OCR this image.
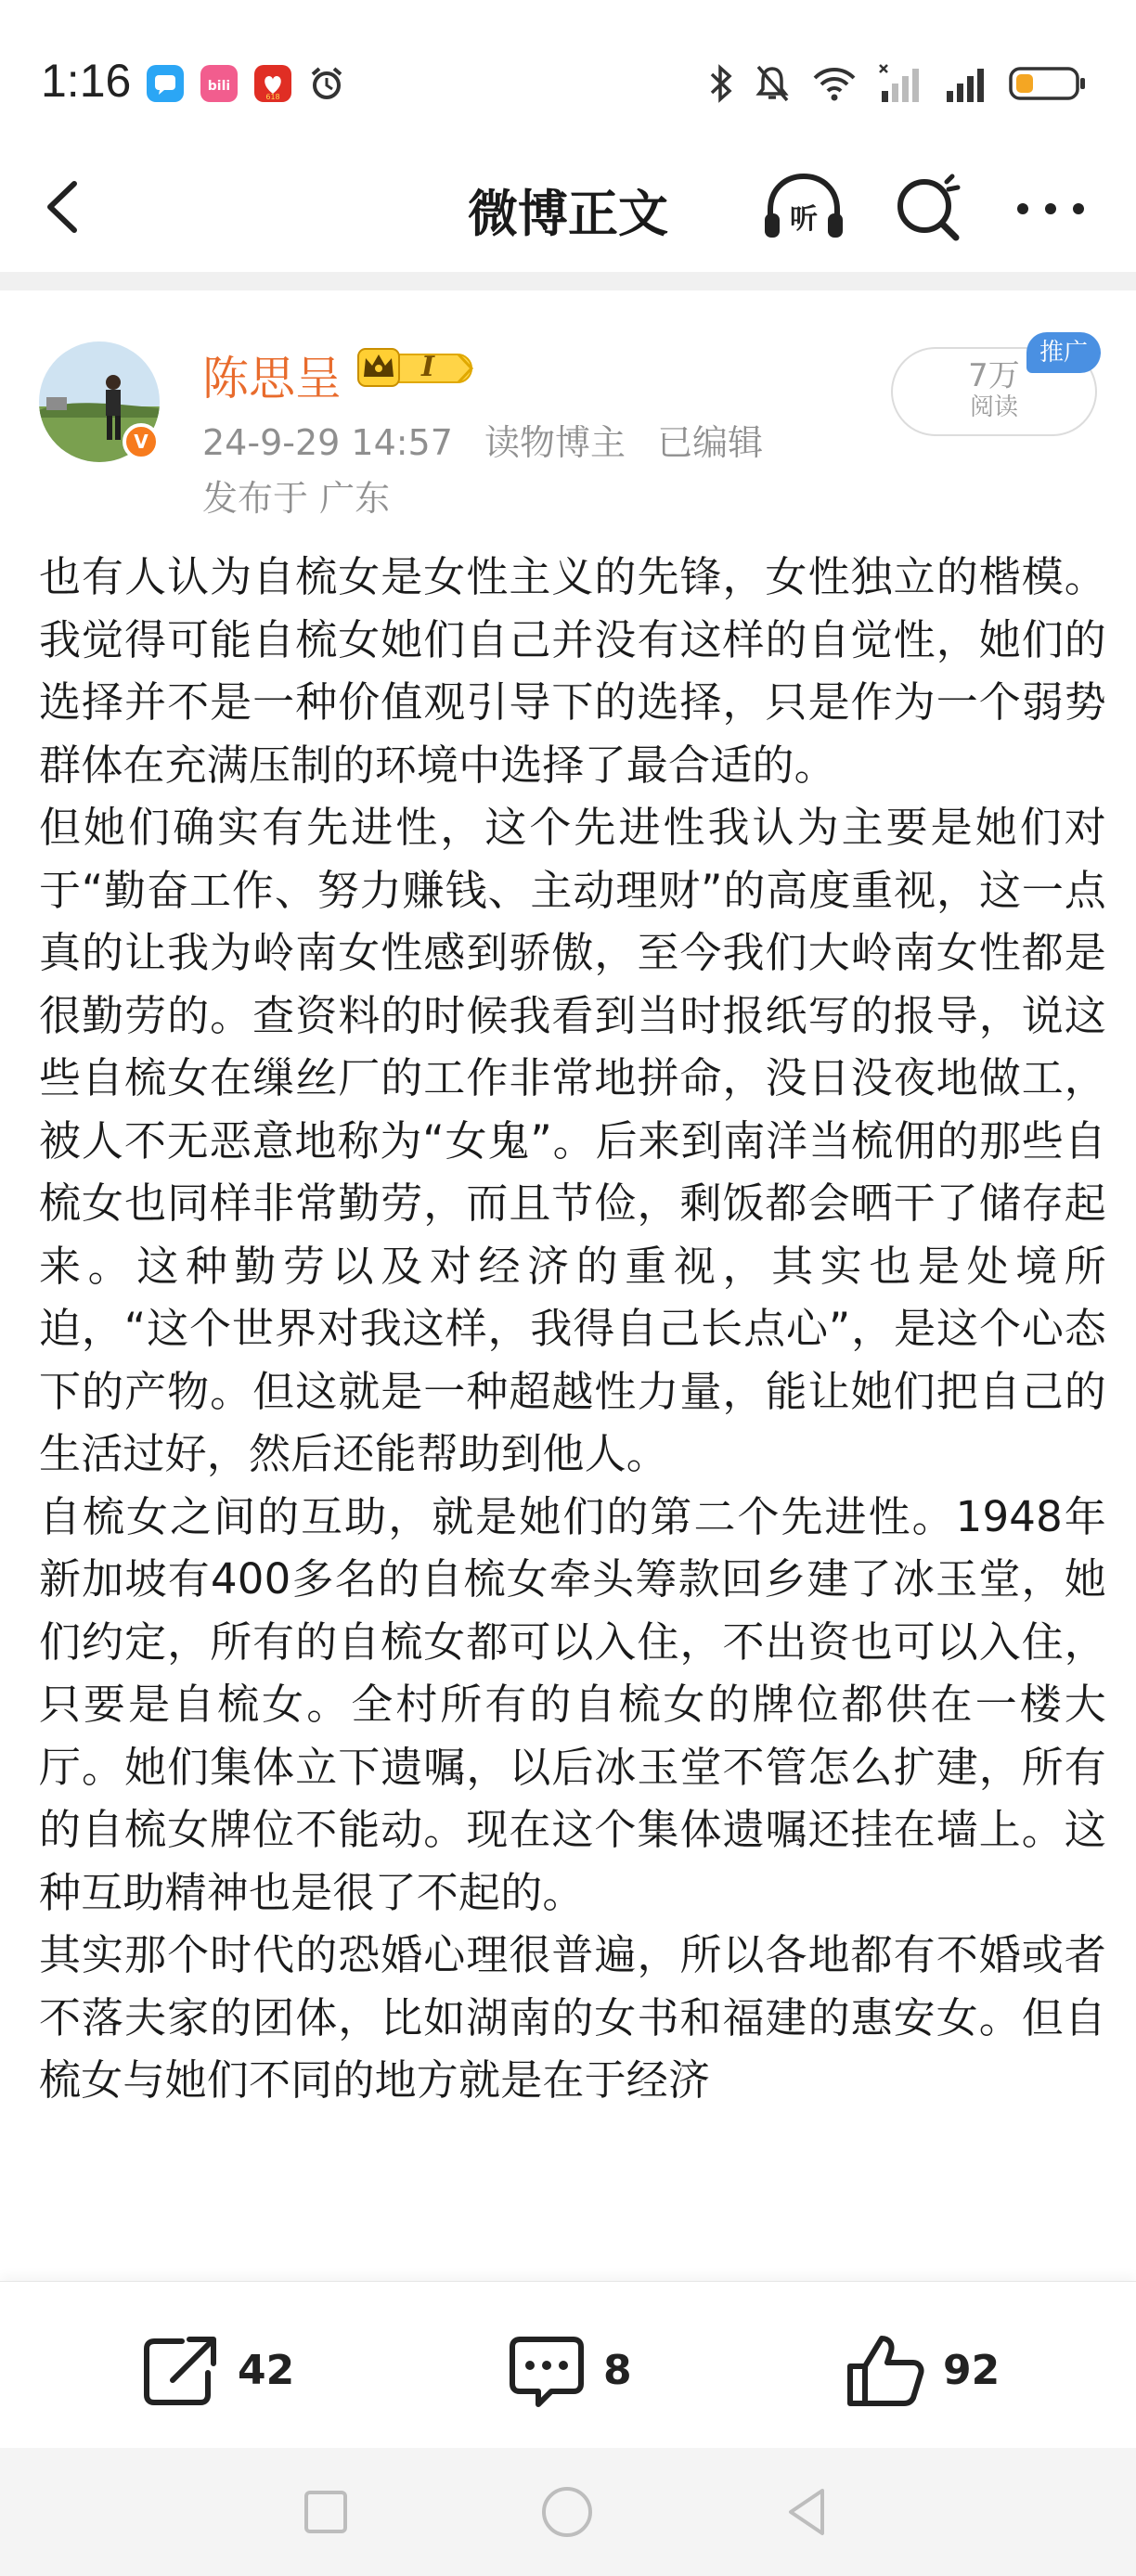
1:16	bili
618
微博正文	听
V
陈思呈	I
24-9-29 14:57 读物博主 已编辑
发布于 广东
7万
阅读
推广

也有人认为自梳女是女性主义的先锋，女性独立的楷模。我觉得可能自梳女她们自己并没有这样的自觉性，她们的选择并不是一种价值观引导下的选择，只是作为一个弱势群体在充满压制的环境中选择了最合适的。

但她们确实有先进性，这个先进性我认为主要是她们对于“勤奋工作、努力赚钱、主动理财”的高度重视，这一点真的让我为岭南女性感到骄傲，至今我们大岭南女性都是很勤劳的。查资料的时候我看到当时报纸写的报导，说这些自梳女在缫丝厂的工作非常地拼命，没日没夜地做工，被人不无恶意地称为“女鬼”。后来到南洋当梳佣的那些自梳女也同样非常勤劳，而且节俭，剩饭都会晒干了储存起来。这种勤劳以及对经济的重视，其实也是处境所迫，“这个世界对我这样，我得自己长点心”，是这个心态下的产物。但这就是一种超越性力量，能让她们把自己的生活过好，然后还能帮助到他人。

自梳女之间的互助，就是她们的第二个先进性。1948年新加坡有400多名的自梳女牵头筹款回乡建了冰玉堂，她们约定，所有的自梳女都可以入住，不出资也可以入住，只要是自梳女。全村所有的自梳女的牌位都供在一楼大厅。她们集体立下遗嘱，以后冰玉堂不管怎么扩建，所有的自梳女牌位不能动。现在这个集体遗嘱还挂在墙上。这种互助精神也是很了不起的。

其实那个时代的恐婚心理很普遍，所以各地都有不婚或者不落夫家的团体，比如湖南的女书和福建的惠安女。但自梳女与她们不同的地方就是在于经济

42	8	92
